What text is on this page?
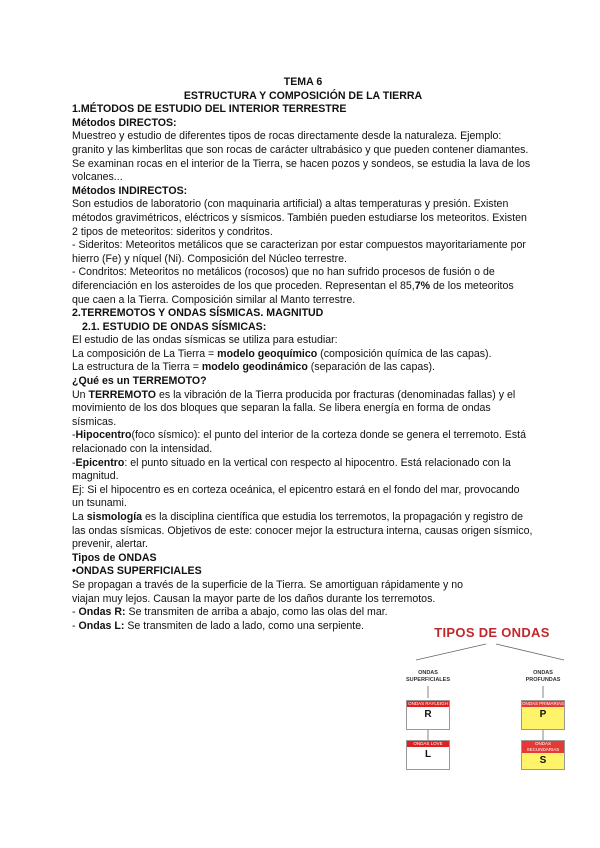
TEMA 6
ESTRUCTURA Y COMPOSICIÓN DE LA TIERRA
1.MÉTODOS DE ESTUDIO DEL INTERIOR TERRESTRE
Métodos DIRECTOS:

Muestreo y estudio de diferentes tipos de rocas directamente desde la naturaleza. Ejemplo: granito y las kimberlitas que son rocas de carácter ultrabásico y que pueden contener diamantes. Se examinan rocas en el interior de la Tierra, se hacen pozos y sondeos, se estudia la lava de los volcanes...

Métodos INDIRECTOS:

Son estudios de laboratorio (con maquinaria artificial) a altas temperaturas y presión. Existen métodos gravimétricos, eléctricos y sísmicos. También pueden estudiarse los meteoritos. Existen 2 tipos de meteoritos: sideritos y condritos.

- Sideritos: Meteoritos metálicos que se caracterizan por estar compuestos mayoritariamente por hierro (Fe) y níquel (Ni). Composición del Núcleo terrestre.

- Condritos: Meteoritos no metálicos (rocosos) que no han sufrido procesos de fusión o de diferenciación en los asteroides de los que proceden. Representan el 85,7% de los meteoritos que caen a la Tierra. Composición similar al Manto terrestre.

2.TERREMOTOS Y ONDAS SÍSMICAS. MAGNITUD
2.1. ESTUDIO DE ONDAS SÍSMICAS:

El estudio de las ondas sísmicas se utiliza para estudiar:

La composición de La Tierra = modelo geoquímico (composición química de las capas).

La estructura de la Tierra = modelo geodinámico (separación de las capas).

¿Qué es un TERREMOTO?

Un TERREMOTO es la vibración de la Tierra producida por fracturas (denominadas fallas) y el movimiento de los dos bloques que separan la falla. Se libera energía en forma de ondas sísmicas.

-Hipocentro(foco sísmico): el punto del interior de la corteza donde se genera el terremoto. Está relacionado con la intensidad.

-Epicentro: el punto situado en la vertical con respecto al hipocentro. Está relacionado con la magnitud.

Ej: Si el hipocentro es en corteza oceánica, el epicentro estará en el fondo del mar, provocando un tsunami.

La sismología es la disciplina científica que estudia los terremotos, la propagación y registro de las ondas sísmicas. Objetivos de este: conocer mejor la estructura interna, causas origen sísmico, prevenir, alertar.

Tipos de ONDAS
•ONDAS SUPERFICIALES

Se propagan a través de la superficie de la Tierra. Se amortiguan rápidamente y no viajan muy lejos. Causan la mayor parte de los daños durante los terremotos.

- Ondas R: Se transmiten de arriba a abajo, como las olas del mar.

- Ondas L: Se transmiten de lado a lado, como una serpiente.	TIPOS DE ONDAS
ONDAS SUPERFICIALES
ONDAS PROFUNDAS
ONDAS RAYLEIGH
R
ONDAS LOVE
L
ONDAS PRIMARIAS
P
ONDAS SECUNDARIAS
S
